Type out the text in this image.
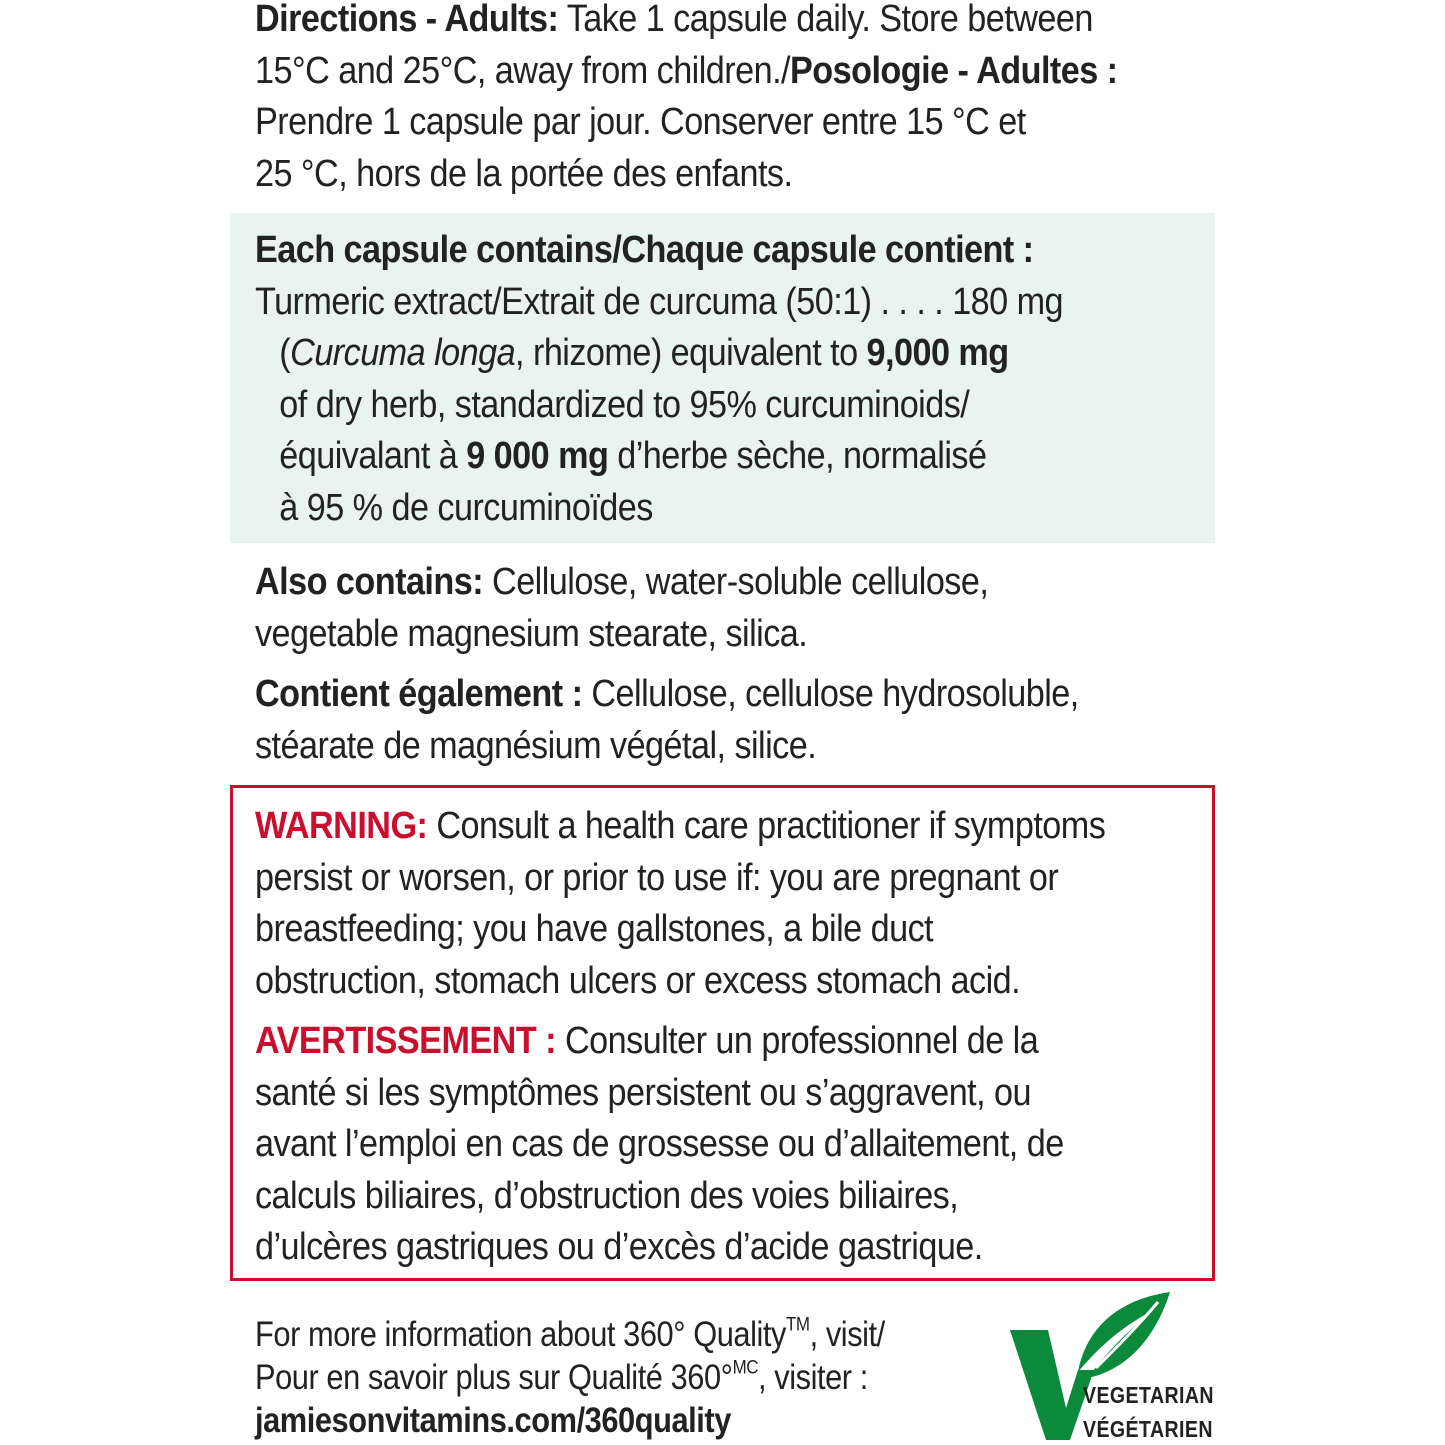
Directions - Adults: Take 1 capsule daily. Store between
15°C and 25°C, away from children./Posologie - Adultes :
Prendre 1 capsule par jour. Conserver entre 15 °C et
25 °C, hors de la portée des enfants.
Each capsule contains/Chaque capsule contient :
Turmeric extract/Extrait de curcuma (50:1) . . . . 180 mg
(Curcuma longa, rhizome) equivalent to 9,000 mg
of dry herb, standardized to 95% curcuminoids/
équivalant à 9 000 mg d’herbe sèche, normalisé
à 95 % de curcuminoïdes
Also contains: Cellulose, water-soluble cellulose,
vegetable magnesium stearate, silica.
Contient également : Cellulose, cellulose hydrosoluble,
stéarate de magnésium végétal, silice.
WARNING: Consult a health care practitioner if symptoms
persist or worsen, or prior to use if: you are pregnant or
breastfeeding; you have gallstones, a bile duct
obstruction, stomach ulcers or excess stomach acid.
AVERTISSEMENT : Consulter un professionnel de la
santé si les symptômes persistent ou s’aggravent, ou
avant l’emploi en cas de grossesse ou d’allaitement, de
calculs biliaires, d’obstruction des voies biliaires,
d’ulcères gastriques ou d’excès d’acide gastrique.
For more information about 360° Quality™, visit/
Pour en savoir plus sur Qualité 360°$^{MC}$, visiter :
jamiesonvitamins.com/360quality
VEGETARIAN
VÉGÉTARIEN
